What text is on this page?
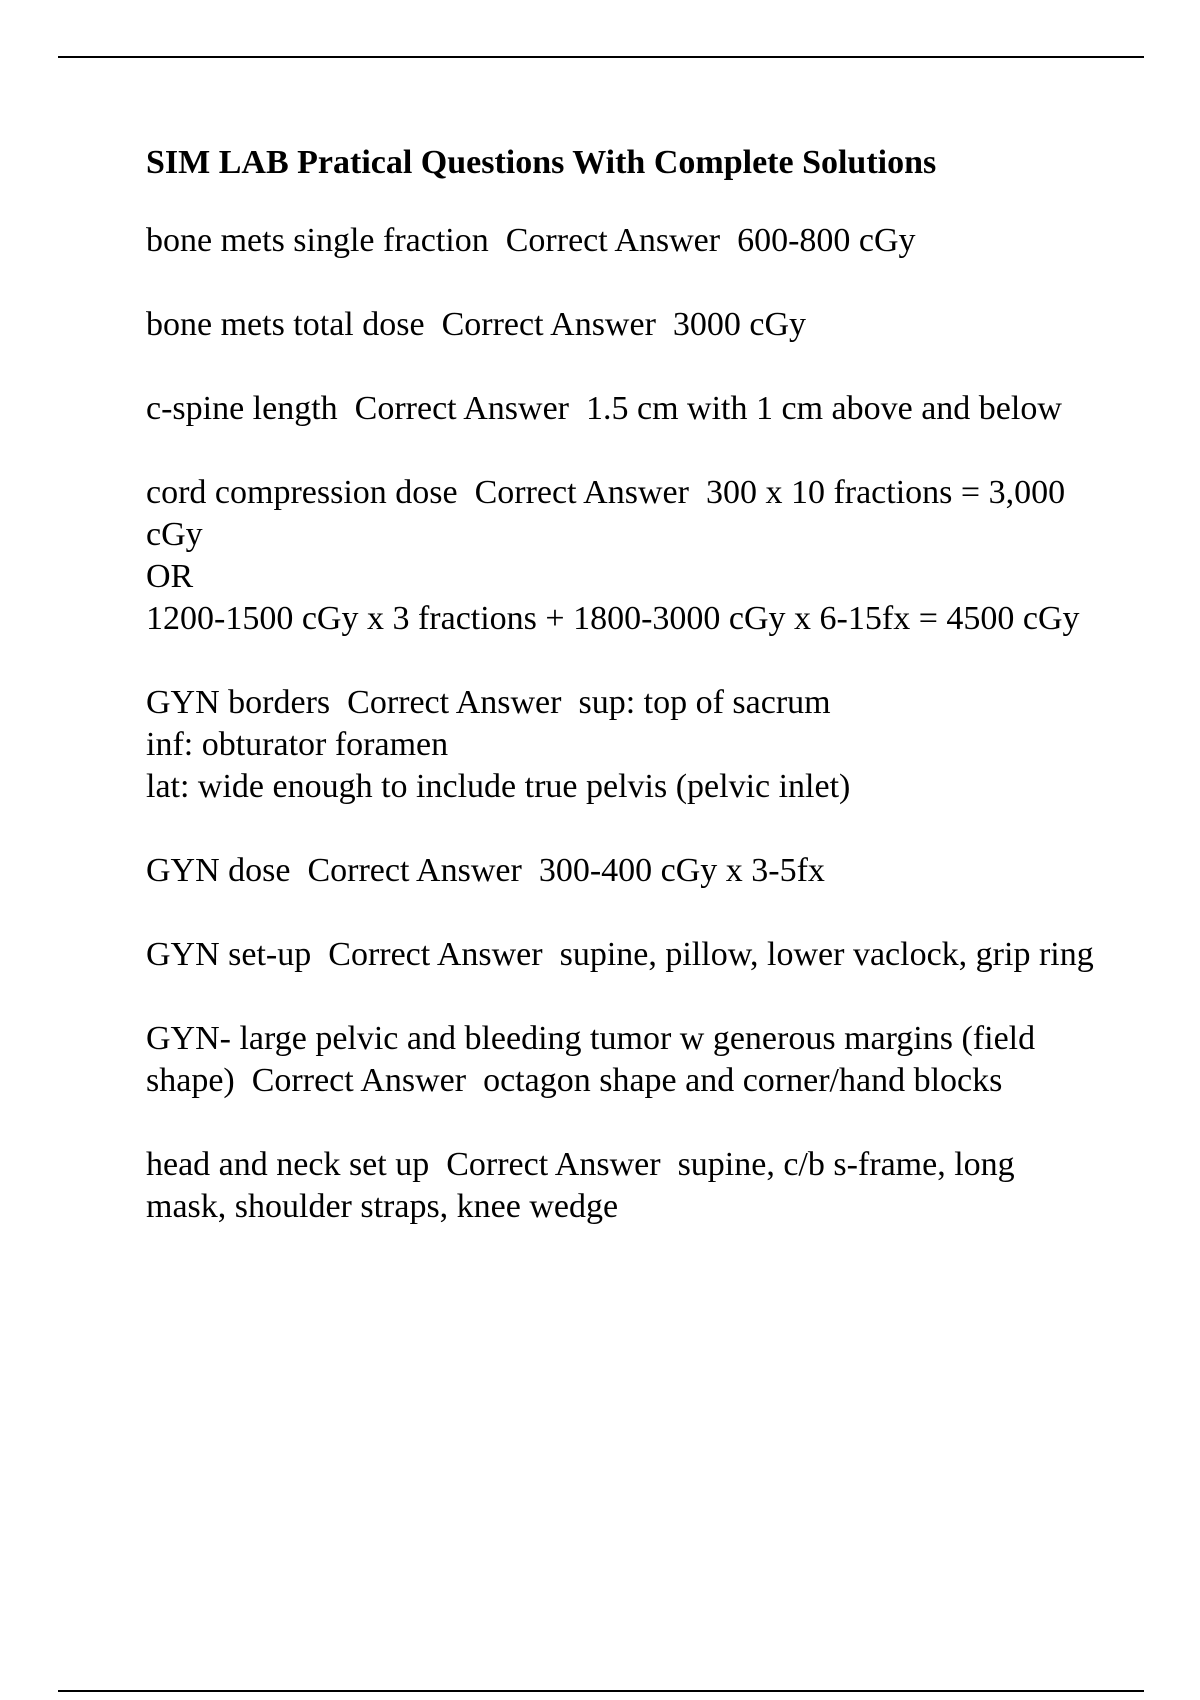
SIM LAB Pratical Questions With Complete Solutions
bone mets single fraction  Correct Answer  600-800 cGy
bone mets total dose  Correct Answer  3000 cGy
c-spine length  Correct Answer  1.5 cm with 1 cm above and below
cord compression dose  Correct Answer  300 x 10 fractions = 3,000 cGy
OR
1200-1500 cGy x 3 fractions + 1800-3000 cGy x 6-15fx = 4500 cGy
GYN borders  Correct Answer  sup: top of sacrum
inf: obturator foramen
lat: wide enough to include true pelvis (pelvic inlet)
GYN dose  Correct Answer  300-400 cGy x 3-5fx
GYN set-up  Correct Answer  supine, pillow, lower vaclock, grip ring
GYN- large pelvic and bleeding tumor w generous margins (field shape)  Correct Answer  octagon shape and corner/hand blocks
head and neck set up  Correct Answer  supine, c/b s-frame, long mask, shoulder straps, knee wedge
